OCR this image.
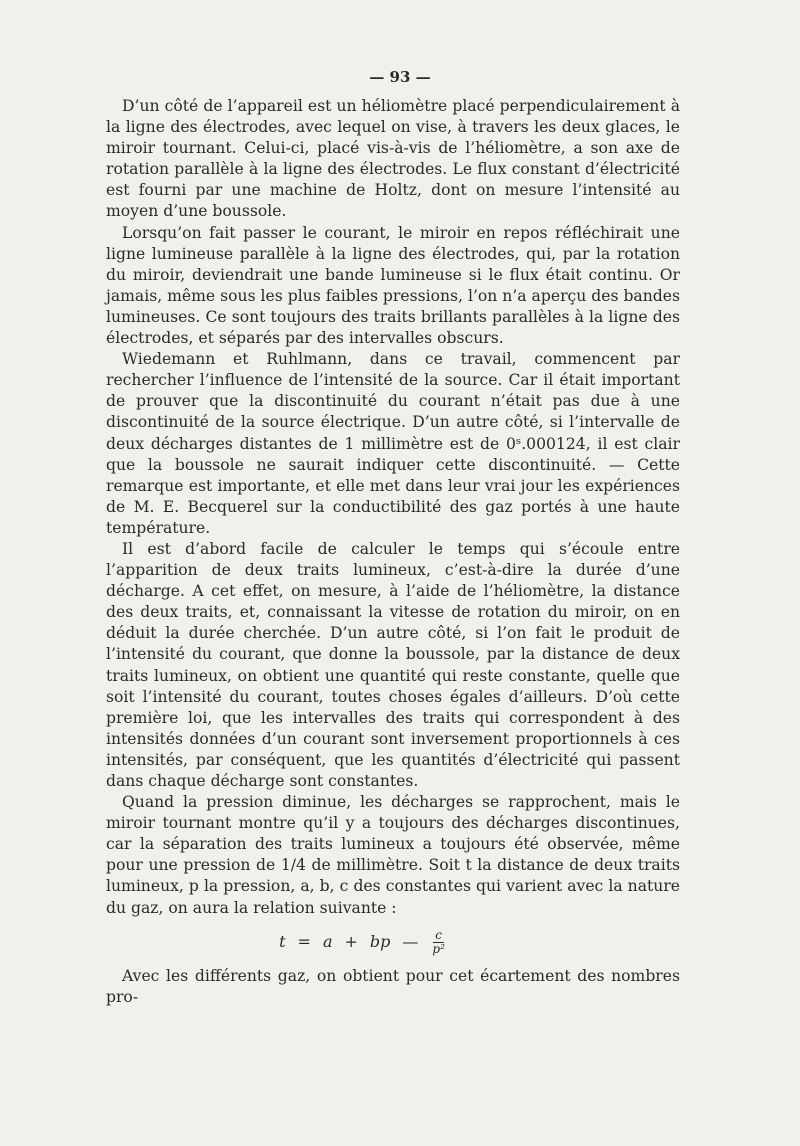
— 93 —

D’un côté de l’appareil est un héliomètre placé perpendiculairement à la ligne des électrodes, avec lequel on vise, à travers les deux glaces, le miroir tournant. Celui-ci, placé vis-à-vis de l’héliomètre, a son axe de rotation parallèle à la ligne des électrodes. Le flux constant d’électricité est fourni par une machine de Holtz, dont on mesure l’intensité au moyen d’une boussole.

Lorsqu’on fait passer le courant, le miroir en repos réfléchirait une ligne lumineuse parallèle à la ligne des électrodes, qui, par la rotation du miroir, deviendrait une bande lumineuse si le flux était continu. Or jamais, même sous les plus faibles pressions, l’on n’a aperçu des bandes lumineuses. Ce sont toujours des traits brillants parallèles à la ligne des électrodes, et séparés par des intervalles obscurs.

Wiedemann et Ruhlmann, dans ce travail, commencent par rechercher l’influence de l’intensité de la source. Car il était important de prouver que la discontinuité du courant n’était pas due à une discontinuité de la source électrique. D’un autre côté, si l’intervalle de deux décharges distantes de 1 millimètre est de 0ˢ.000124, il est clair que la boussole ne saurait indiquer cette discontinuité. — Cette remarque est importante, et elle met dans leur vrai jour les expériences de M. E. Becquerel sur la conductibilité des gaz portés à une haute température.

Il est d’abord facile de calculer le temps qui s’écoule entre l’apparition de deux traits lumineux, c’est-à-dire la durée d’une décharge. A cet effet, on mesure, à l’aide de l’héliomètre, la distance des deux traits, et, connaissant la vitesse de rotation du miroir, on en déduit la durée cherchée. D’un autre côté, si l’on fait le produit de l’intensité du courant, que donne la boussole, par la distance de deux traits lumineux, on obtient une quantité qui reste constante, quelle que soit l’intensité du courant, toutes choses égales d’ailleurs. D’où cette première loi, que les intervalles des traits qui correspondent à des intensités données d’un courant sont inversement proportionnels à ces intensités, par conséquent, que les quantités d’électricité qui passent dans chaque décharge sont constantes.

Quand la pression diminue, les décharges se rapprochent, mais le miroir tournant montre qu’il y a toujours des décharges discontinues, car la séparation des traits lumineux a toujours été observée, même pour une pression de 1/4 de millimètre. Soit t la distance de deux traits lumineux, p la pression, a, b, c des constantes qui varient avec la nature du gaz, on aura la relation suivante :

t = a + bp — $\frac{c}{\text{p²}}$

Avec les différents gaz, on obtient pour cet écartement des nombres pro-
